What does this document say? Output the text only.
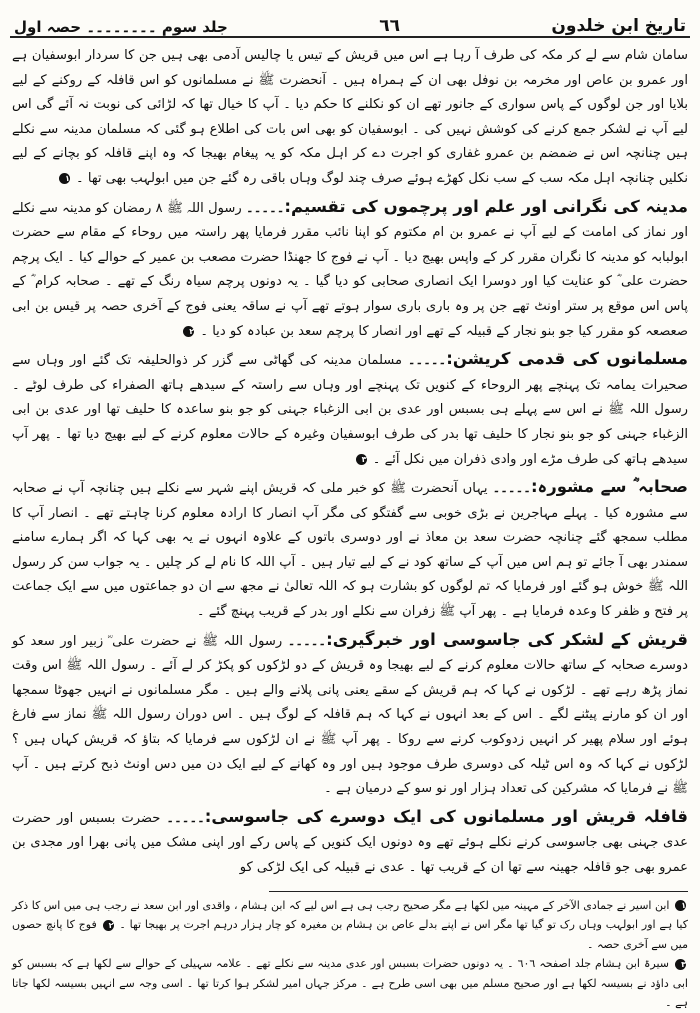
تاریخ ابن خلدون
٦٦
جلد سوم ۔۔۔۔۔۔۔۔ حصہ اول

سامان شام سے لے کر مکہ کی طرف آ رہا ہے اس میں قریش کے تیس یا چالیس آدمی بھی ہیں جن کا سردار ابوسفیان ہے اور عمرو بن عاص اور مخرمہ بن نوفل بھی ان کے ہمراہ ہیں ۔ آنحضرت ﷺ نے مسلمانوں کو اس قافلہ کے روکنے کے لیے بلایا اور جن لوگوں کے پاس سواری کے جانور تھے ان کو نکلنے کا حکم دیا ۔ آپ کا خیال تھا کہ لڑائی کی نوبت نہ آئے گی اس لیے آپ نے لشکر جمع کرنے کی کوشش نہیں کی ۔ ابوسفیان کو بھی اس بات کی اطلاع ہو گئی کہ مسلمان مدینہ سے نکلے ہیں چنانچہ اس نے ضمضم بن عمرو غفاری کو اجرت دے کر اہل مکہ کو یہ پیغام بھیجا کہ وہ اپنے قافلہ کو بچانے کے لیے نکلیں چنانچہ اہل مکہ سب کے سب نکل کھڑے ہوئے صرف چند لوگ وہاں باقی رہ گئے جن میں ابولہب بھی تھا ۔ ١

مدینہ کی نگرانی اور علم اور پرچموں کی تقسیم:۔۔۔۔۔ رسول اللہ ﷺ ٨ رمضان کو مدینہ سے نکلے اور نماز کی امامت کے لیے آپ نے عمرو بن ام مکتوم کو اپنا نائب مقرر فرمایا پھر راستہ میں روحاء کے مقام سے حضرت ابولبابہ کو مدینہ کا نگران مقرر کر کے واپس بھیج دیا ۔ آپ نے فوج کا جھنڈا حضرت مصعب بن عمیر کے حوالے کیا ۔ ایک پرچم حضرت علی ؓ کو عنایت کیا اور دوسرا ایک انصاری صحابی کو دیا گیا ۔ یہ دونوں پرچم سیاہ رنگ کے تھے ۔ صحابہ کرام ؓ کے پاس اس موقع پر ستر اونٹ تھے جن پر وہ باری باری سوار ہوتے تھے آپ نے ساقہ یعنی فوج کے آخری حصہ پر قیس بن ابی صعصعہ کو مقرر کیا جو بنو نجار کے قبیلہ کے تھے اور انصار کا پرچم سعد بن عبادہ کو دیا ۔ ٢

مسلمانوں کی قدمی کریشن:۔۔۔۔۔ مسلمان مدینہ کی گھاٹی سے گزر کر ذوالحلیفہ تک گئے اور وہاں سے صحیرات یمامہ تک پہنچے پھر الروحاء کے کنویں تک پہنچے اور وہاں سے راستہ کے سیدھے ہاتھ الصفراء کی طرف لوٹے ۔ رسول اللہ ﷺ نے اس سے پہلے ہی بسبس اور عدی بن ابی الزغباء جہنی کو جو بنو ساعدہ کا حلیف تھا اور عدی بن ابی الزغباء جہنی کو جو بنو نجار کا حلیف تھا بدر کی طرف ابوسفیان وغیرہ کے حالات معلوم کرنے کے لیے بھیج دیا تھا ۔ پھر آپ سیدھے ہاتھ کی طرف مڑے اور وادی ذفران میں نکل آئے ۔ ٣

صحابہ ؓ سے مشورہ:۔۔۔۔۔ یہاں آنحضرت ﷺ کو خبر ملی کہ قریش اپنے شہر سے نکلے ہیں چنانچہ آپ نے صحابہ سے مشورہ کیا ۔ پہلے مہاجرین نے بڑی خوبی سے گفتگو کی مگر آپ انصار کا ارادہ معلوم کرنا چاہتے تھے ۔ انصار آپ کا مطلب سمجھ گئے چنانچہ حضرت سعد بن معاذ نے اور دوسری باتوں کے علاوہ انہوں نے یہ بھی کہا کہ اگر ہمارے سامنے سمندر بھی آ جائے تو ہم اس میں آپ کے ساتھ کود نے کے لیے تیار ہیں ۔ آپ اللہ کا نام لے کر چلیں ۔ یہ جواب سن کر رسول اللہ ﷺ خوش ہو گئے اور فرمایا کہ تم لوگوں کو بشارت ہو کہ اللہ تعالیٰ نے مجھ سے ان دو جماعتوں میں سے ایک جماعت پر فتح و ظفر کا وعدہ فرمایا ہے ۔ پھر آپ ﷺ زفران سے نکلے اور بدر کے قریب پہنچ گئے ۔

قریش کے لشکر کی جاسوسی اور خبرگیری:۔۔۔۔۔ رسول اللہ ﷺ نے حضرت علی ؓ زبیر اور سعد کو دوسرے صحابہ کے ساتھ حالات معلوم کرنے کے لیے بھیجا وہ قریش کے دو لڑکوں کو پکڑ کر لے آئے ۔ رسول اللہ ﷺ اس وقت نماز پڑھ رہے تھے ۔ لڑکوں نے کہا کہ ہم قریش کے سقے یعنی پانی پلانے والے ہیں ۔ مگر مسلمانوں نے انہیں جھوٹا سمجھا اور ان کو مارنے پیٹنے لگے ۔ اس کے بعد انہوں نے کہا کہ ہم قافلہ کے لوگ ہیں ۔ اس دوران رسول اللہ ﷺ نماز سے فارغ ہوئے اور سلام پھیر کر انہیں زدوکوب کرنے سے روکا ۔ پھر آپ ﷺ نے ان لڑکوں سے فرمایا کہ بتاؤ کہ قریش کہاں ہیں ؟ لڑکوں نے کہا کہ وہ اس ٹیلہ کی دوسری طرف موجود ہیں اور وہ کھانے کے لیے ایک دن میں دس اونٹ ذبح کرتے ہیں ۔ آپ ﷺ نے فرمایا کہ مشرکین کی تعداد ہزار اور نو سو کے درمیان ہے ۔

قافلہ قریش اور مسلمانوں کی ایک دوسرے کی جاسوسی:۔۔۔۔۔ حضرت بسبس اور حضرت عدی جہنی بھی جاسوسی کرنے نکلے ہوئے تھے وہ دونوں ایک کنویں کے پاس رکے اور اپنی مشک میں پانی بھرا اور مجدی بن عمرو بھی جو قافلہ جھینہ سے تھا ان کے قریب تھا ۔ عدی نے قبیلہ کی ایک لڑکی کو

١ ابن اسیر نے جمادی الآخر کے مہینہ میں لکھا ہے مگر صحیح رجب ہی ہے اس لیے کہ ابن ہشام ، واقدی اور ابن سعد نے رجب ہی میں اس کا ذکر کیا ہے اور ابولہب وہاں رک تو گیا تھا مگر اس نے اپنے بدلے عاص بن ہشام بن مغیرہ کو چار ہزار درہم اجرت پر بھیجا تھا ۔ ٢ فوج کا پانچ حصوں میں سے آخری حصہ ۔

٣ سیرۃ ابن ہشام جلد اصفحہ ٦٠٦ ۔ یہ دونوں حضرات بسبس اور عدی مدینہ سے نکلے تھے ۔ علامہ سہیلی کے حوالے سے لکھا ہے کہ بسبس کو ابی داؤد نے بسیسہ لکھا ہے اور صحیح مسلم میں بھی اسی طرح ہے ۔ مرکز جہاں امیر لشکر ہوا کرتا تھا ۔ اسی وجہ سے انہیں بسیسہ لکھا جاتا ہے ۔
